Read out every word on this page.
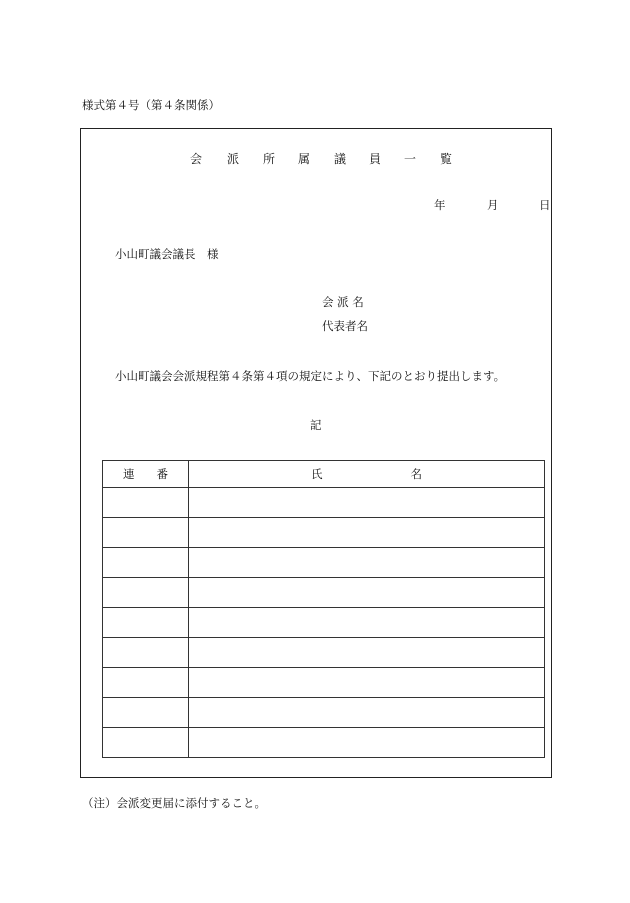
様式第４号（第４条関係）
会 派 所 属 議 員 一 覧
年	月	日
小山町議会議長　様
会 派 名
代表者名
小山町議会会派規程第４条第４項の規定により、下記のとおり提出します。
記
連 番	氏 名

（注）会派変更届に添付すること。
